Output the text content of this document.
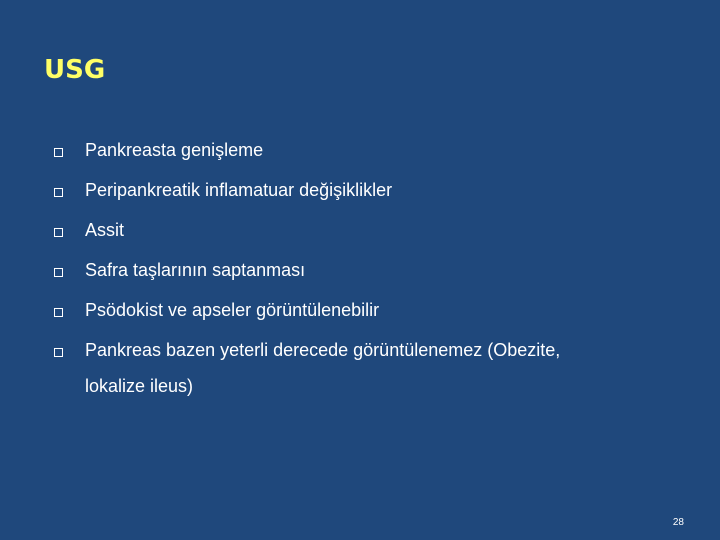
USG
Pankreasta genişleme
Peripankreatik inflamatuar değişiklikler
Assit
Safra taşlarının saptanması
Psödokist ve apseler görüntülenebilir
Pankreas bazen yeterli derecede görüntülenemez (Obezite, lokalize ileus)
28
